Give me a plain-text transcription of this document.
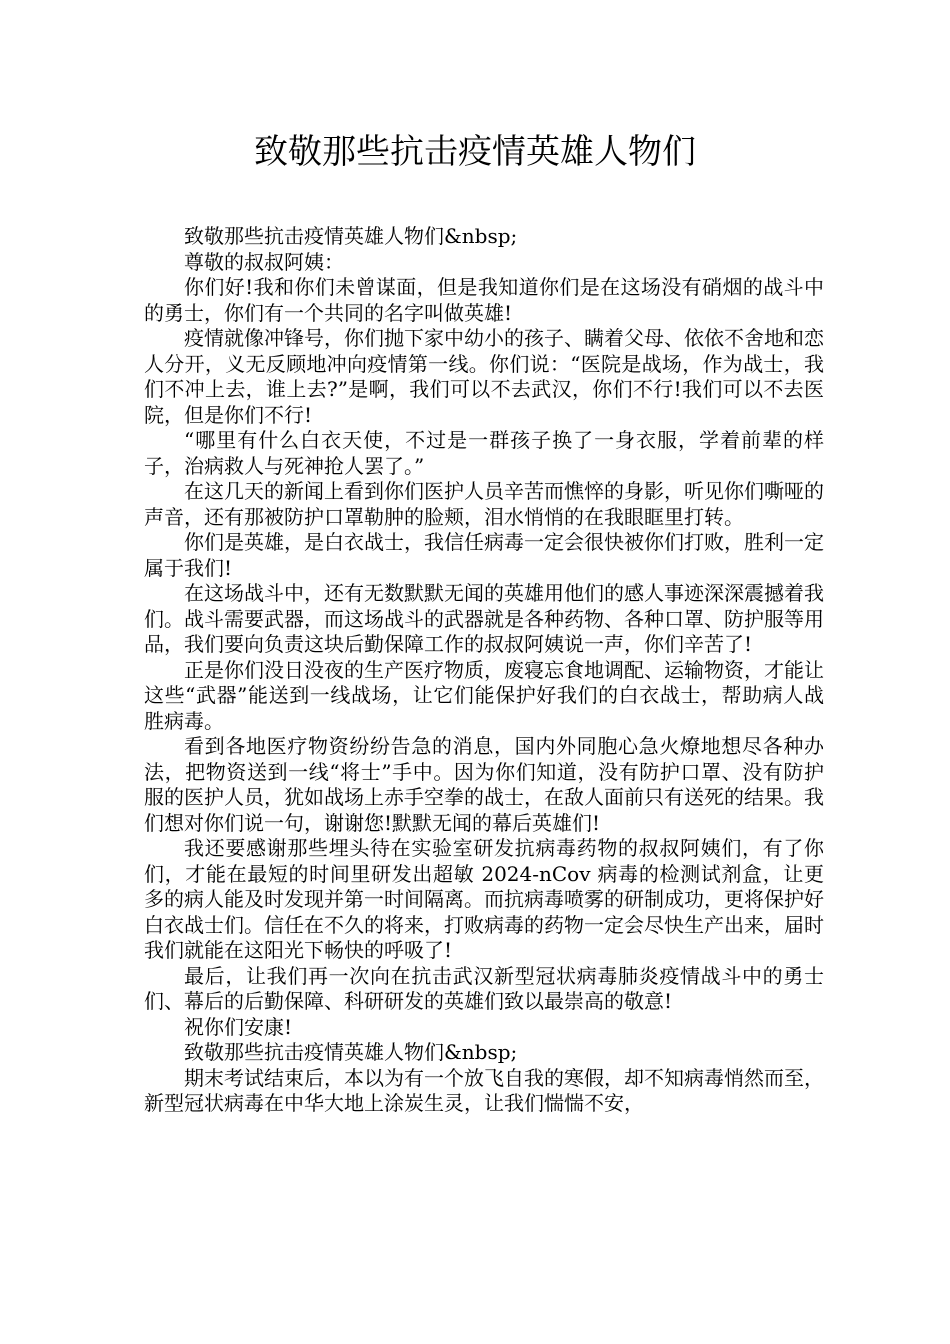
致敬那些抗击疫情英雄人物们

致敬那些抗击疫情英雄人物们&nbsp;

尊敬的叔叔阿姨：

你们好!我和你们未曾谋面，但是我知道你们是在这场没有硝烟的战斗中的勇士，你们有一个共同的名字叫做英雄!

疫情就像冲锋号，你们抛下家中幼小的孩子、瞒着父母、依依不舍地和恋人分开，义无反顾地冲向疫情第一线。你们说：“医院是战场，作为战士，我们不冲上去，谁上去?”是啊，我们可以不去武汉，你们不行!我们可以不去医院，但是你们不行!

“哪里有什么白衣天使，不过是一群孩子换了一身衣服，学着前辈的样子，治病救人与死神抢人罢了。”

在这几天的新闻上看到你们医护人员辛苦而憔悴的身影，听见你们嘶哑的声音，还有那被防护口罩勒肿的脸颊，泪水悄悄的在我眼眶里打转。

你们是英雄，是白衣战士，我信任病毒一定会很快被你们打败，胜利一定属于我们!

在这场战斗中，还有无数默默无闻的英雄用他们的感人事迹深深震撼着我们。战斗需要武器，而这场战斗的武器就是各种药物、各种口罩、防护服等用品，我们要向负责这块后勤保障工作的叔叔阿姨说一声，你们辛苦了!

正是你们没日没夜的生产医疗物质，废寝忘食地调配、运输物资，才能让这些“武器”能送到一线战场，让它们能保护好我们的白衣战士，帮助病人战胜病毒。

看到各地医疗物资纷纷告急的消息，国内外同胞心急火燎地想尽各种办法，把物资送到一线“将士”手中。因为你们知道，没有防护口罩、没有防护服的医护人员，犹如战场上赤手空拳的战士，在敌人面前只有送死的结果。我们想对你们说一句，谢谢您!默默无闻的幕后英雄们!

我还要感谢那些埋头待在实验室研发抗病毒药物的叔叔阿姨们，有了你们，才能在最短的时间里研发出超敏 2024-nCov 病毒的检测试剂盒，让更多的病人能及时发现并第一时间隔离。而抗病毒喷雾的研制成功，更将保护好白衣战士们。信任在不久的将来，打败病毒的药物一定会尽快生产出来，届时我们就能在这阳光下畅快的呼吸了!

最后，让我们再一次向在抗击武汉新型冠状病毒肺炎疫情战斗中的勇士们、幕后的后勤保障、科研研发的英雄们致以最崇高的敬意!

祝你们安康!

致敬那些抗击疫情英雄人物们&nbsp;

期末考试结束后，本以为有一个放飞自我的寒假，却不知病毒悄然而至，新型冠状病毒在中华大地上涂炭生灵，让我们惴惴不安，
